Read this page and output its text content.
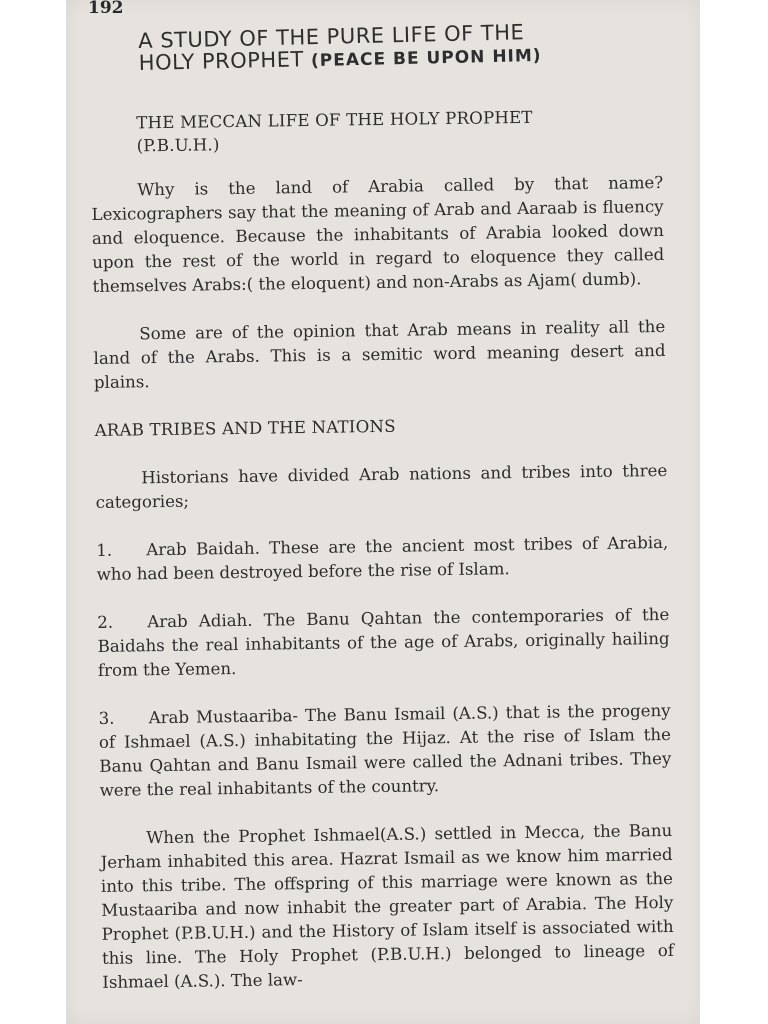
192
A STUDY OF THE PURE LIFE OF THE
HOLY PROPHET (PEACE BE UPON HIM)

THE MECCAN LIFE OF THE HOLY PROPHET
(P.B.U.H.)

Why is the land of Arabia called by that name? Lexicographers say that the meaning of Arab and Aaraab is fluency and eloquence. Because the inhabitants of Arabia looked down upon the rest of the world in regard to eloquence they called themselves Arabs:( the eloquent) and non-Arabs as Ajam( dumb).

Some are of the opinion that Arab means in reality all the land of the Arabs. This is a semitic word meaning desert and plains.

ARAB TRIBES AND THE NATIONS

Historians have divided Arab nations and tribes into three categories;

1. Arab Baidah. These are the ancient most tribes of Arabia, who had been destroyed before the rise of Islam.

2. Arab Adiah. The Banu Qahtan the contemporaries of the Baidahs the real inhabitants of the age of Arabs, originally hailing from the Yemen.

3. Arab Mustaariba- The Banu Ismail (A.S.) that is the progeny of Ishmael (A.S.) inhabitating the Hijaz. At the rise of Islam the Banu Qahtan and Banu Ismail were called the Adnani tribes. They were the real inhabitants of the country.

When the Prophet Ishmael(A.S.) settled in Mecca, the Banu Jerham inhabited this area. Hazrat Ismail as we know him married into this tribe. The offspring of this marriage were known as the Mustaariba and now inhabit the greater part of Arabia. The Holy Prophet (P.B.U.H.) and the History of Islam itself is associated with this line. The Holy Prophet (P.B.U.H.) belonged to lineage of Ishmael (A.S.). The law-
